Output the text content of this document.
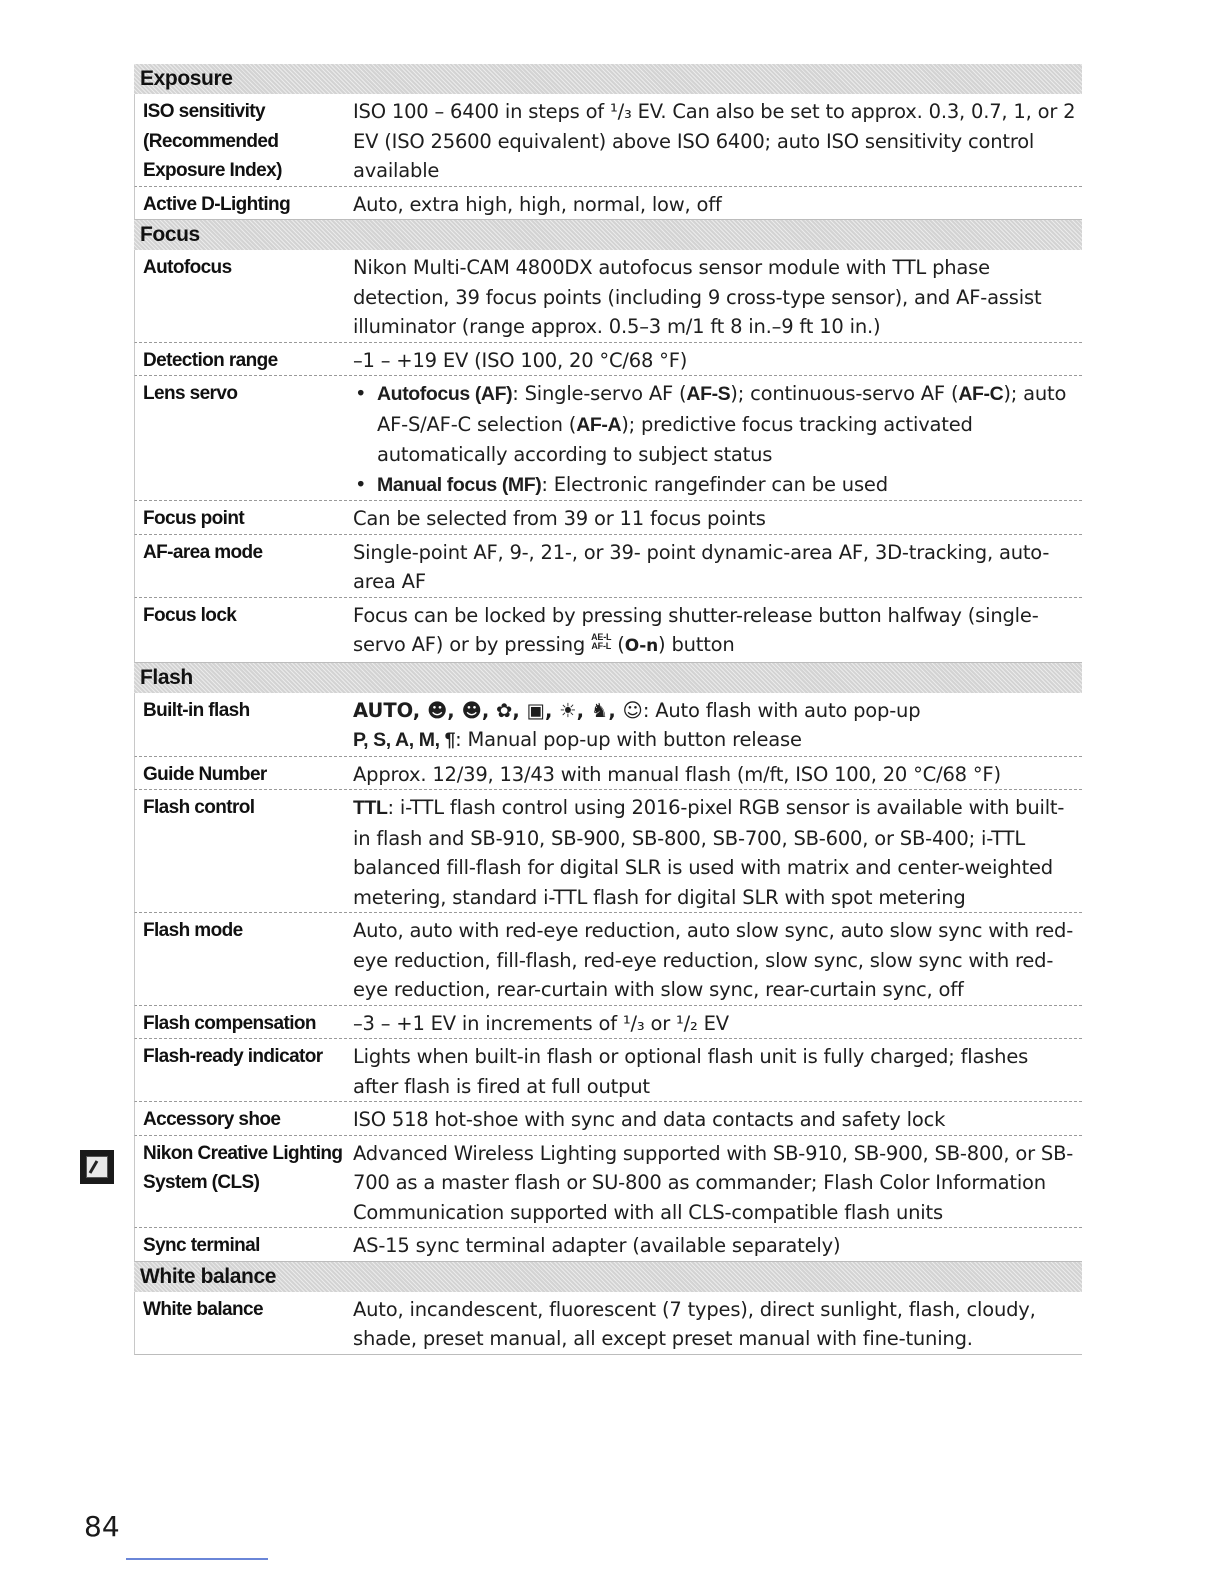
Exposure
ISO sensitivity (Recommended Exposure Index)
ISO 100 – 6400 in steps of ¹/₃ EV. Can also be set to approx. 0.3, 0.7, 1, or 2 EV (ISO 25600 equivalent) above ISO 6400; auto ISO sensitivity control available
Active D-Lighting	Auto, extra high, high, normal, low, off
Focus
Autofocus	Nikon Multi-CAM 4800DX autofocus sensor module with TTL phase detection, 39 focus points (including 9 cross-type sensor), and AF-assist illuminator (range approx. 0.5–3 m/1 ft 8 in.–9 ft 10 in.)
Detection range	–1 – +19 EV (ISO 100, 20 °C/68 °F)
Lens servo
•	Autofocus (AF): Single-servo AF (AF-S); continuous-servo AF (AF-C); auto AF-S/AF-C selection (AF-A); predictive focus tracking activated automatically according to subject status
• Manual focus (MF): Electronic rangefinder can be used
Focus point	Can be selected from 39 or 11 focus points
AF-area mode	Single-point AF, 9-, 21-, or 39- point dynamic-area AF, 3D-tracking, auto-area AF
Focus lock	Focus can be locked by pressing shutter-release button halfway (single-servo AF) or by pressing AE-L
AF-L (O-n) button
Flash
Built-in flash	AUTO, ☻, ☻, ✿, ▣, ☀, ♞, ☺: Auto flash with auto pop-up

P, S, A, M, ¶: Manual pop-up with button release

Guide Number	Approx. 12/39, 13/43 with manual flash (m/ft, ISO 100, 20 °C/68 °F)
Flash control	TTL: i-TTL flash control using 2016-pixel RGB sensor is available with built-in flash and SB-910, SB-900, SB-800, SB-700, SB-600, or SB-400; i-TTL balanced fill-flash for digital SLR is used with matrix and center-weighted metering, standard i-TTL flash for digital SLR with spot metering
Flash mode	Auto, auto with red-eye reduction, auto slow sync, auto slow sync with red-eye reduction, fill-flash, red-eye reduction, slow sync, slow sync with red-eye reduction, rear-curtain with slow sync, rear-curtain sync, off
Flash compensation	–3 – +1 EV in increments of ¹/₃ or ¹/₂ EV
Flash-ready indicator	Lights when built-in flash or optional flash unit is fully charged; flashes after flash is fired at full output
Accessory shoe	ISO 518 hot-shoe with sync and data contacts and safety lock
Nikon Creative Lighting System (CLS)
Advanced Wireless Lighting supported with SB-910, SB-900, SB-800, or SB-700 as a master flash or SU-800 as commander; Flash Color Information Communication supported with all CLS-compatible flash units
Sync terminal	AS-15 sync terminal adapter (available separately)
White balance
White balance	Auto, incandescent, fluorescent (7 types), direct sunlight, flash, cloudy, shade, preset manual, all except preset manual with fine-tuning.
84
